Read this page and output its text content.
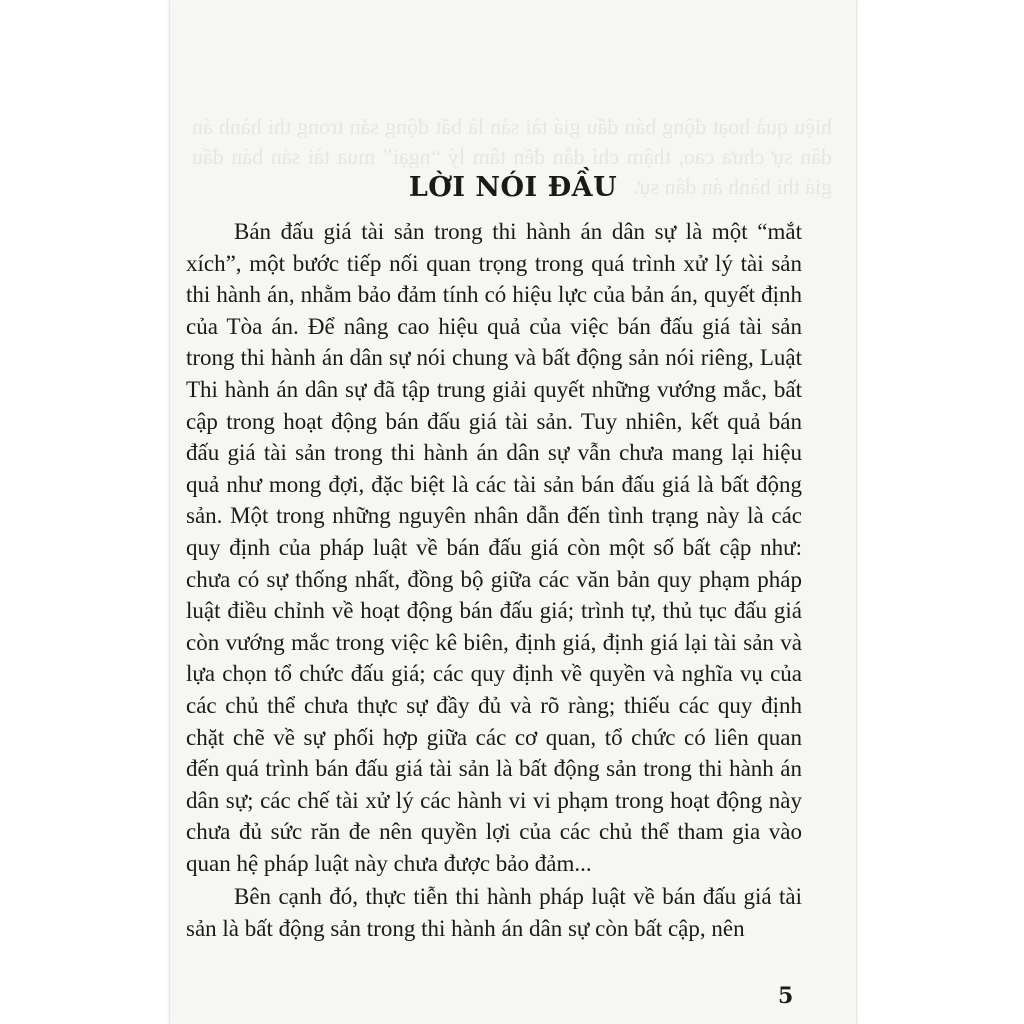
hiệu quả hoạt động bán đấu giá tài sản là bất động sản trong thi hành án dân sự chưa cao, thậm chí dẫn đến tâm lý “ngại” mua tài sản bán đấu giá thi hành án dân sự.

LỜI NÓI ĐẦU

Bán đấu giá tài sản trong thi hành án dân sự là một “mắt xích”, một bước tiếp nối quan trọng trong quá trình xử lý tài sản thi hành án, nhằm bảo đảm tính có hiệu lực của bản án, quyết định của Tòa án. Để nâng cao hiệu quả của việc bán đấu giá tài sản trong thi hành án dân sự nói chung và bất động sản nói riêng, Luật Thi hành án dân sự đã tập trung giải quyết những vướng mắc, bất cập trong hoạt động bán đấu giá tài sản. Tuy nhiên, kết quả bán đấu giá tài sản trong thi hành án dân sự vẫn chưa mang lại hiệu quả như mong đợi, đặc biệt là các tài sản bán đấu giá là bất động sản. Một trong những nguyên nhân dẫn đến tình trạng này là các quy định của pháp luật về bán đấu giá còn một số bất cập như: chưa có sự thống nhất, đồng bộ giữa các văn bản quy phạm pháp luật điều chỉnh về hoạt động bán đấu giá; trình tự, thủ tục đấu giá còn vướng mắc trong việc kê biên, định giá, định giá lại tài sản và lựa chọn tổ chức đấu giá; các quy định về quyền và nghĩa vụ của các chủ thể chưa thực sự đầy đủ và rõ ràng; thiếu các quy định chặt chẽ về sự phối hợp giữa các cơ quan, tổ chức có liên quan đến quá trình bán đấu giá tài sản là bất động sản trong thi hành án dân sự; các chế tài xử lý các hành vi vi phạm trong hoạt động này chưa đủ sức răn đe nên quyền lợi của các chủ thể tham gia vào quan hệ pháp luật này chưa được bảo đảm...

Bên cạnh đó, thực tiễn thi hành pháp luật về bán đấu giá tài sản là bất động sản trong thi hành án dân sự còn bất cập, nên

5
